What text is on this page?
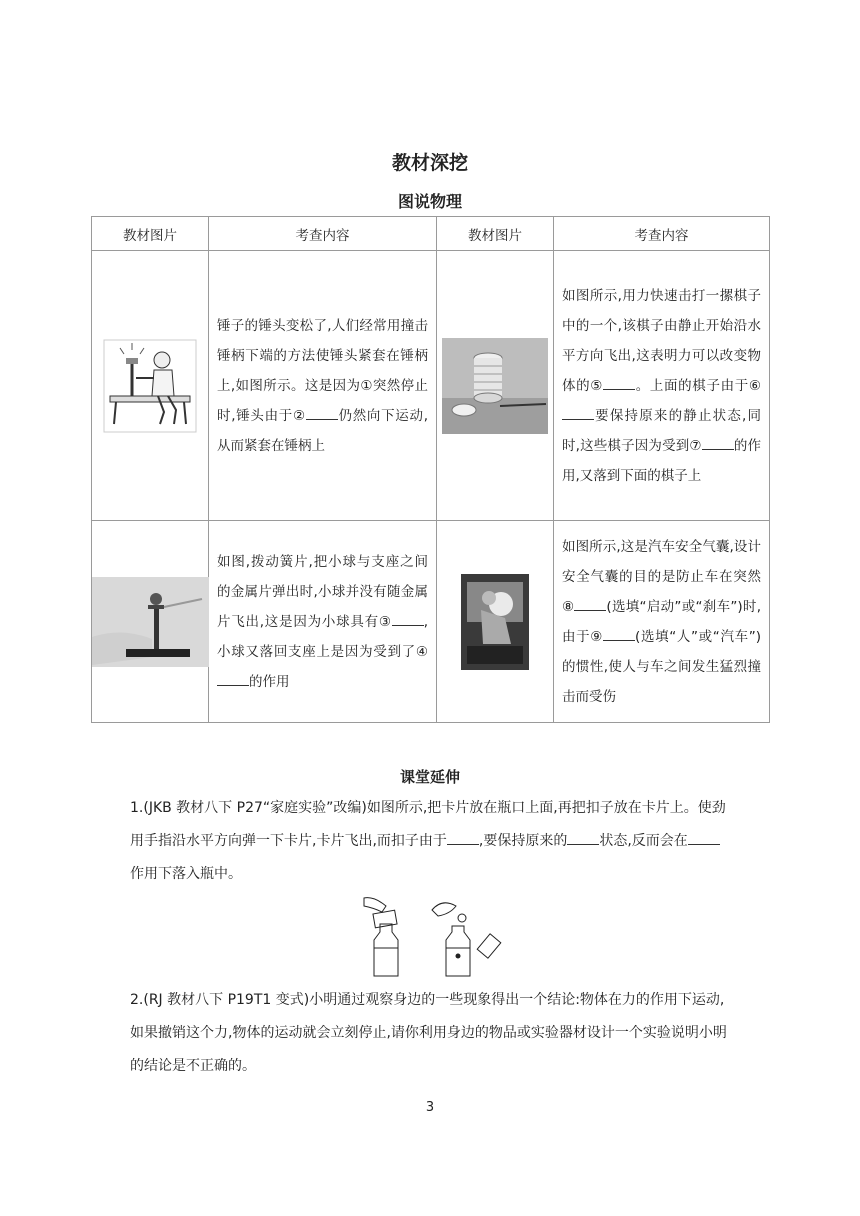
教材深挖
图说物理
教材图片	考查内容	教材图片	考查内容

锤子的锤头变松了,人们经常用撞击锤柄下端的方法使锤头紧套在锤柄上,如图所示。这是因为①突然停止时,锤头由于② 仍然向下运动,从而紧套在锤柄上		如图所示,用力快速击打一摞棋子中的一个,该棋子由静止开始沿水平方向飞出,这表明力可以改变物体的⑤ 。上面的棋子由于⑥要保持原来的静止状态,同时,这些棋子因为受到⑦ 的作用,又落到下面的棋子上

如图,拨动簧片,把小球与支座之间的金属片弹出时,小球并没有随金属片飞出,这是因为小球具有③ ,小球又落回支座上是因为受到了④的作用		如图所示,这是汽车安全气囊,设计安全气囊的目的是防止车在突然⑧ (选填“启动”或“刹车”)时,由于⑨ (选填“人”或“汽车”)的惯性,使人与车之间发生猛烈撞击而受伤
课堂延伸
1.(JKB 教材八下 P27“家庭实验”改编)如图所示,把卡片放在瓶口上面,再把扣子放在卡片上。使劲用手指沿水平方向弹一下卡片,卡片飞出,而扣子由于 ,要保持原来的 状态,反而会在作用下落入瓶中。
2.(RJ 教材八下 P19T1 变式)小明通过观察身边的一些现象得出一个结论:物体在力的作用下运动,如果撤销这个力,物体的运动就会立刻停止,请你利用身边的物品或实验器材设计一个实验说明小明的结论是不正确的。
3
